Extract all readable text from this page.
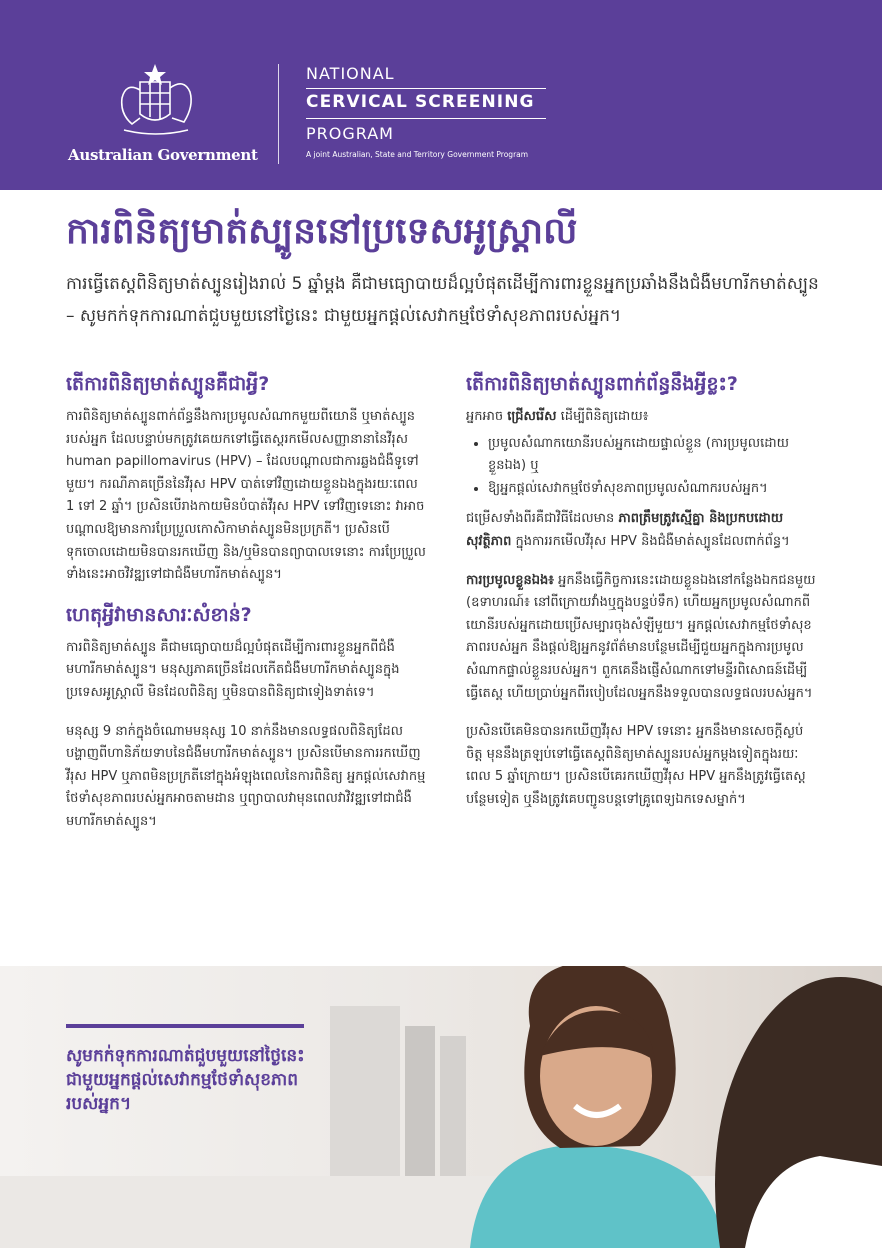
Australian Government
NATIONAL
CERVICAL SCREENING
PROGRAM
A joint Australian, State and Territory Government Program
ការពិនិត្យមាត់ស្បូននៅប្រទេសអូស្ត្រាលី
ការធ្វើតេស្តពិនិត្យមាត់ស្បូនរៀងរាល់ 5 ឆ្នាំម្តង គឺជាមធ្យោបាយដ៏ល្អបំផុតដើម្បីការពារខ្លួនអ្នកប្រឆាំងនឹងជំងឺមហារីកមាត់ស្បូន – សូមកក់ទុកការណាត់ជួបមួយនៅថ្ងៃនេះ ជាមួយអ្នកផ្តល់សេវាកម្មថែទាំសុខភាពរបស់អ្នក។
តើការពិនិត្យមាត់ស្បូនគឺជាអ្វី?

ការពិនិត្យមាត់ស្បូនពាក់ព័ន្ធនឹងការប្រមូលសំណាកមួយពីយោនី ឬមាត់ស្បូនរបស់អ្នក ដែលបន្ទាប់មកត្រូវគេយកទៅធ្វើតេស្តរកមើលសញ្ញានានានៃវីរុស human papillomavirus (HPV) – ដែលបណ្តាលជាការឆ្លងជំងឺទូទៅមួយ។ ករណីភាគច្រើននៃវីរុស HPV បាត់ទៅវិញដោយខ្លួនឯងក្នុងរយៈពេល 1 ទៅ 2 ឆ្នាំ។ ប្រសិនបើរាងកាយមិនបំបាត់វីរុស HPV ទៅវិញទេនោះ វាអាចបណ្តាលឱ្យមានការប្រែប្រួលកោសិកាមាត់ស្បូនមិនប្រក្រតី។ ប្រសិនបើទុកចោលដោយមិនបានរកឃើញ និង/ឬមិនបានព្យាបាលទេនោះ ការប្រែប្រួលទាំងនេះអាចវិវឌ្ឍទៅជាជំងឺមហារីកមាត់ស្បូន។

ហេតុអ្វីវាមានសារៈសំខាន់?

ការពិនិត្យមាត់ស្បូន គឺជាមធ្យោបាយដ៏ល្អបំផុតដើម្បីការពារខ្លួនអ្នកពីជំងឺមហារីកមាត់ស្បូន។ មនុស្សភាគច្រើនដែលកើតជំងឺមហារីកមាត់ស្បូនក្នុងប្រទេសអូស្ត្រាលី មិនដែលពិនិត្យ ឬមិនបានពិនិត្យជាទៀងទាត់ទេ។

មនុស្ស 9 នាក់ក្នុងចំណោមមនុស្ស 10 នាក់នឹងមានលទ្ធផលពិនិត្យដែលបង្ហាញពីហានិភ័យទាបនៃជំងឺមហារីកមាត់ស្បូន។ ប្រសិនបើមានការរកឃើញវីរុស HPV ឬភាពមិនប្រក្រតីនៅក្នុងអំឡុងពេលនៃការពិនិត្យ អ្នកផ្តល់សេវាកម្មថែទាំសុខភាពរបស់អ្នកអាចតាមដាន ឬព្យាបាលវាមុនពេលវាវិវឌ្ឍទៅជាជំងឺមហារីកមាត់ស្បូន។

តើការពិនិត្យមាត់ស្បូនពាក់ព័ន្ធនឹងអ្វីខ្លះ?

អ្នកអាច ជ្រើសរើស ដើម្បីពិនិត្យដោយ៖

• ប្រមូលសំណាកយោនីរបស់អ្នកដោយផ្ទាល់ខ្លួន (ការប្រមូលដោយខ្លួនឯង) ឬ
• ឱ្យអ្នកផ្តល់សេវាកម្មថែទាំសុខភាពប្រមូលសំណាករបស់អ្នក។

ជម្រើសទាំងពីរគឺជាវិធីដែលមាន ភាពត្រឹមត្រូវស្មើគ្នា និងប្រកបដោយសុវត្ថិភាព ក្នុងការរកមើលវីរុស HPV និងជំងឺមាត់ស្បូនដែលពាក់ព័ន្ធ។

ការប្រមូលខ្លួនឯង៖ អ្នកនឹងធ្វើកិច្ចការនេះដោយខ្លួនឯងនៅកន្លែងឯកជនមួយ (ឧទាហរណ៍៖ នៅពីក្រោយវាំងឬក្នុងបន្ទប់ទឹក) ហើយអ្នកប្រមូលសំណាកពីយោនីរបស់អ្នកដោយប្រើសម្បារចុងសំឡីមួយ។ អ្នកផ្តល់សេវាកម្មថែទាំសុខភាពរបស់អ្នក នឹងផ្តល់ឱ្យអ្នកនូវព័ត៌មានបន្ថែមដើម្បីជួយអ្នកក្នុងការប្រមូលសំណាកផ្ទាល់ខ្លួនរបស់អ្នក។ ពួកគេនឹងផ្ញើសំណាកទៅមន្ទីរពិសោធន៍ដើម្បីធ្វើតេស្ត ហើយប្រាប់អ្នកពីរបៀបដែលអ្នកនឹងទទួលបានលទ្ធផលរបស់អ្នក។

ប្រសិនបើគេមិនបានរកឃើញវីរុស HPV ទេនោះ អ្នកនឹងមានសេចក្តីស្ងប់ចិត្ត មុននឹងត្រឡប់ទៅធ្វើតេស្តពិនិត្យមាត់ស្បូនរបស់អ្នកម្តងទៀតក្នុងរយៈពេល 5 ឆ្នាំក្រោយ។ ប្រសិនបើគេរកឃើញវីរុស HPV អ្នកនឹងត្រូវធ្វើតេស្តបន្ថែមទៀត ឬនឹងត្រូវគេបញ្ជូនបន្តទៅគ្រូពេទ្យឯកទេសម្នាក់។

សូមកក់ទុកការណាត់ជួបមួយនៅថ្ងៃនេះ ជាមួយអ្នកផ្តល់សេវាកម្មថែទាំសុខភាពរបស់អ្នក។
